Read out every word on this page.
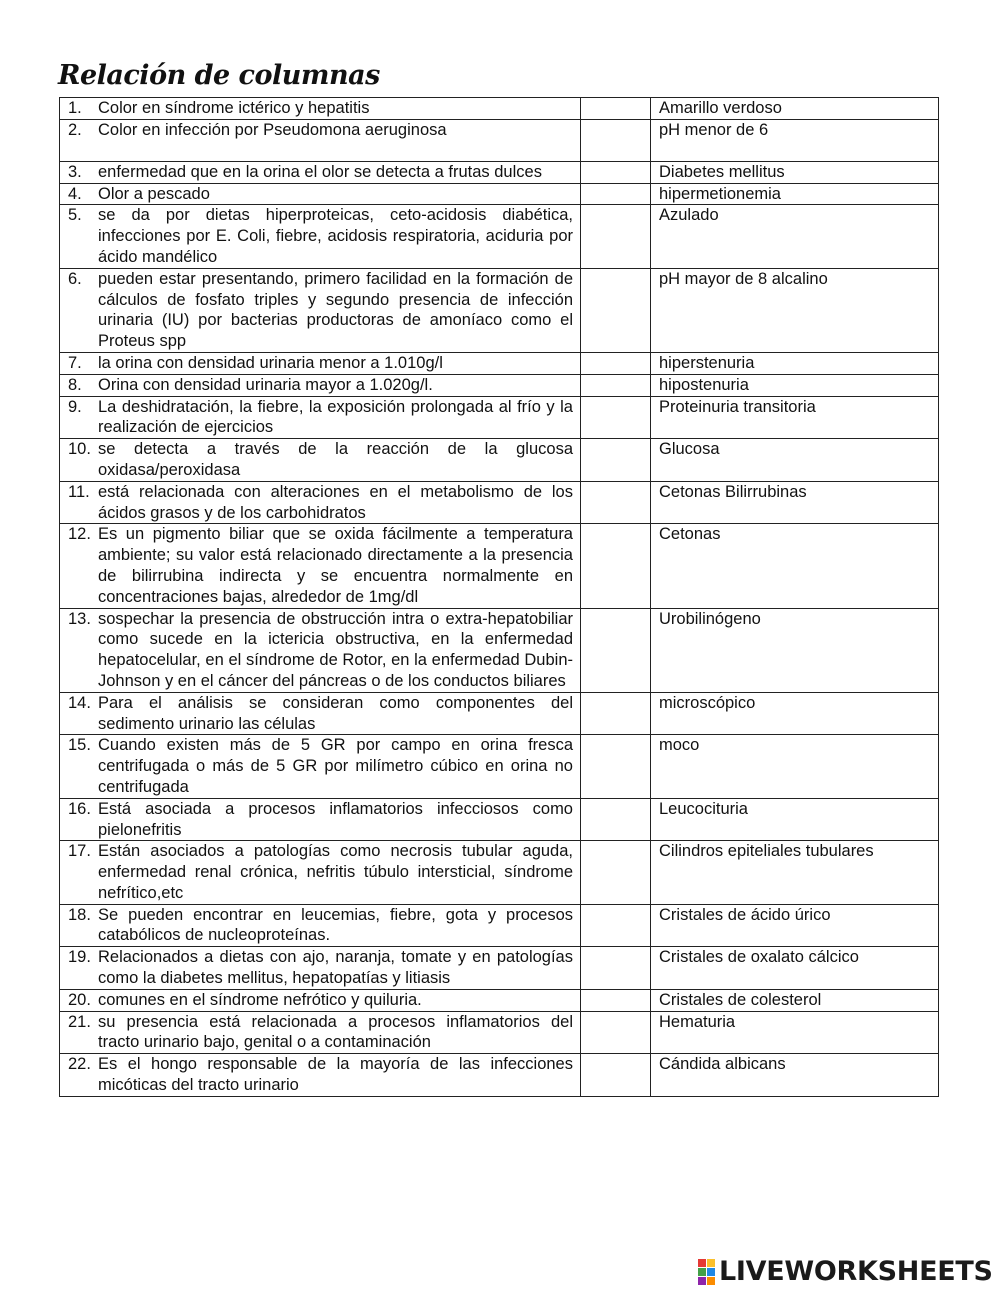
Relación de columnas
1. Color en síndrome ictérico y hepatitis		Amarillo verdoso

2. Color en infección por Pseudomona aeruginosa		pH menor de 6

3. enfermedad que en la orina el olor se detecta a frutas dulces		Diabetes mellitus

4. Olor a pescado		hipermetionemia

5. se da por dietas hiperproteicas, ceto-acidosis diabética, infecciones por E. Coli, fiebre, acidosis respiratoria, aciduria por ácido mandélico		Azulado

6. pueden estar presentando, primero facilidad en la formación de cálculos de fosfato triples y segundo presencia de infección urinaria (IU) por bacterias productoras de amoníaco como el Proteus spp		pH mayor de 8 alcalino

7. la orina con densidad urinaria menor a 1.010g/l		hiperstenuria

8. Orina con densidad urinaria mayor a 1.020g/l.		hipostenuria

9. La deshidratación, la fiebre, la exposición prolongada al frío y la realización de ejercicios		Proteinuria transitoria

10. se detecta a través de la reacción de la glucosa oxidasa/peroxidasa		Glucosa

11. está relacionada con alteraciones en el metabolismo de los ácidos grasos y de los carbohidratos		Cetonas Bilirrubinas

12. Es un pigmento biliar que se oxida fácilmente a temperatura ambiente; su valor está relacionado directamente a la presencia de bilirrubina indirecta y se encuentra normalmente en concentraciones bajas, alrededor de 1mg/dl		Cetonas

13. sospechar la presencia de obstrucción intra o extra-hepatobiliar como sucede en la ictericia obstructiva, en la enfermedad hepatocelular, en el síndrome de Rotor, en la enfermedad Dubin-Johnson y en el cáncer del páncreas o de los conductos biliares		Urobilinógeno

14. Para el análisis se consideran como componentes del sedimento urinario las células		microscópico

15. Cuando existen más de 5 GR por campo en orina fresca centrifugada o más de 5 GR por milímetro cúbico en orina no centrifugada		moco

16. Está asociada a procesos inflamatorios infecciosos como pielonefritis		Leucocituria

17. Están asociados a patologías como necrosis tubular aguda, enfermedad renal crónica, nefritis túbulo intersticial, síndrome nefrítico,etc		Cilindros epiteliales tubulares

18. Se pueden encontrar en leucemias, fiebre, gota y procesos catabólicos de nucleoproteínas.		Cristales de ácido úrico

19. Relacionados a dietas con ajo, naranja, tomate y en patologías como la diabetes mellitus, hepatopatías y litiasis		Cristales de oxalato cálcico

20. comunes en el síndrome nefrótico y quiluria.		Cristales de colesterol

21. su presencia está relacionada a procesos inflamatorios del tracto urinario bajo, genital o a contaminación		Hematuria

22. Es el hongo responsable de la mayoría de las infecciones micóticas del tracto urinario		Cándida albicans
LIVEWORKSHEETS
